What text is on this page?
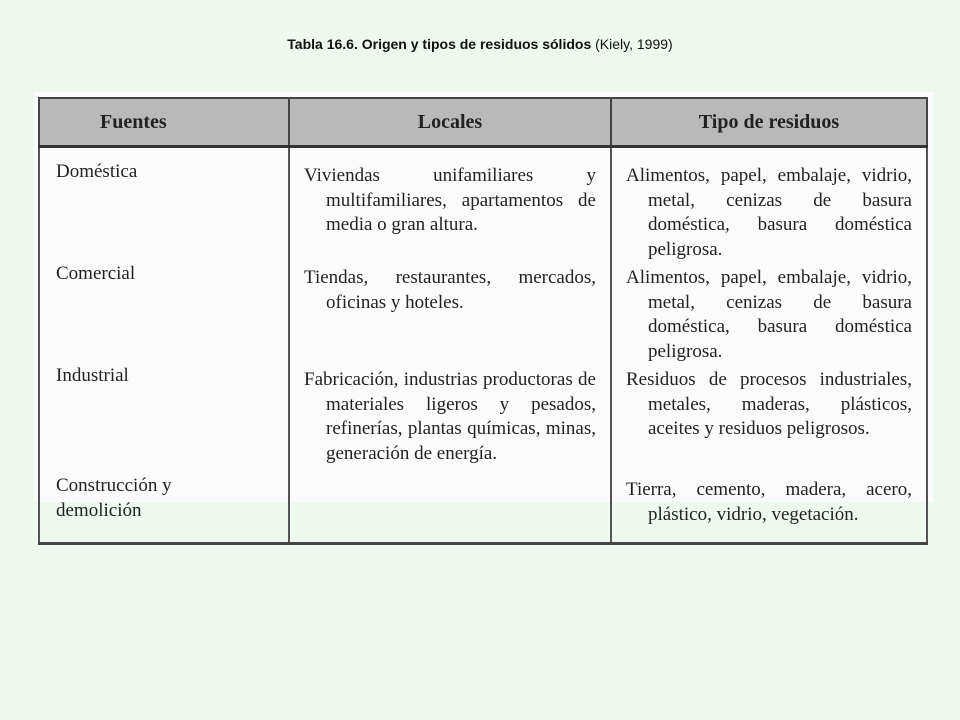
Tabla 16.6. Origen y tipos de residuos sólidos (Kiely, 1999)
Fuentes	Locales	Tipo de residuos

Doméstica	Viviendas unifamiliares y multifamiliares, apartamentos de media o gran altura.	Alimentos, papel, embalaje, vidrio, metal, cenizas de basura doméstica, basura doméstica peligrosa.

Comercial	Tiendas, restaurantes, mercados, oficinas y hoteles.	Alimentos, papel, embalaje, vidrio, metal, cenizas de basura doméstica, basura doméstica peligrosa.

Industrial	Fabricación, industrias productoras de materiales ligeros y pesados, refinerías, plantas químicas, minas, generación de energía.	Residuos de procesos industriales, metales, maderas, plásticos, aceites y residuos peligrosos.

Construcción y demolición		Tierra, cemento, madera, acero, plástico, vidrio, vegetación.
